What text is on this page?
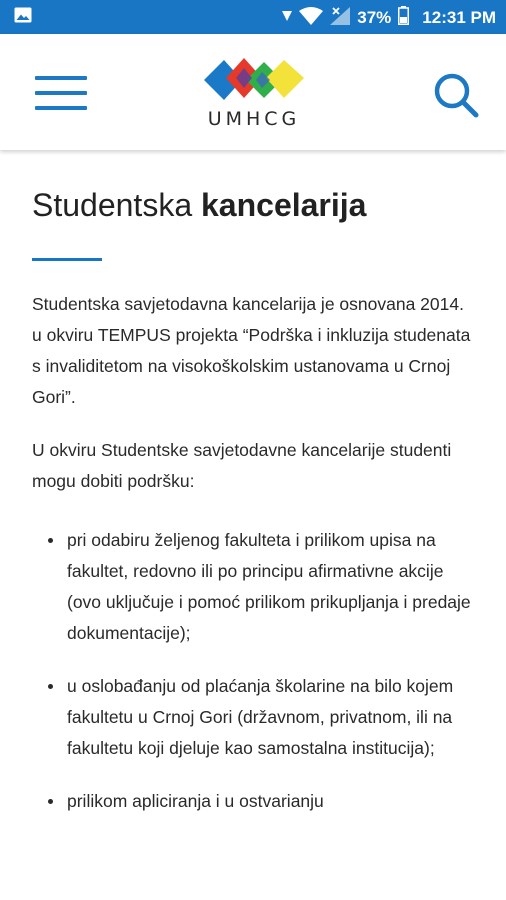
37% 12:31 PM
UMHCG
Studentska kancelarija

Studentska savjetodavna kancelarija je osnovana 2014. u okviru TEMPUS projekta “Podrška i inkluzija studenata s invaliditetom na visokoškolskim ustanovama u Crnoj Gori”.

U okviru Studentske savjetodavne kancelarije studenti mogu dobiti podršku:

pri odabiru željenog fakulteta i prilikom upisa na fakultet, redovno ili po principu afirmativne akcije (ovo uključuje i pomoć prilikom prikupljanja i predaje dokumentacije);
u oslobađanju od plaćanja školarine na bilo kojem fakultetu u Crnoj Gori (državnom, privatnom, ili na fakultetu koji djeluje kao samostalna institucija);
prilikom apliciranja i u ostvarianju
